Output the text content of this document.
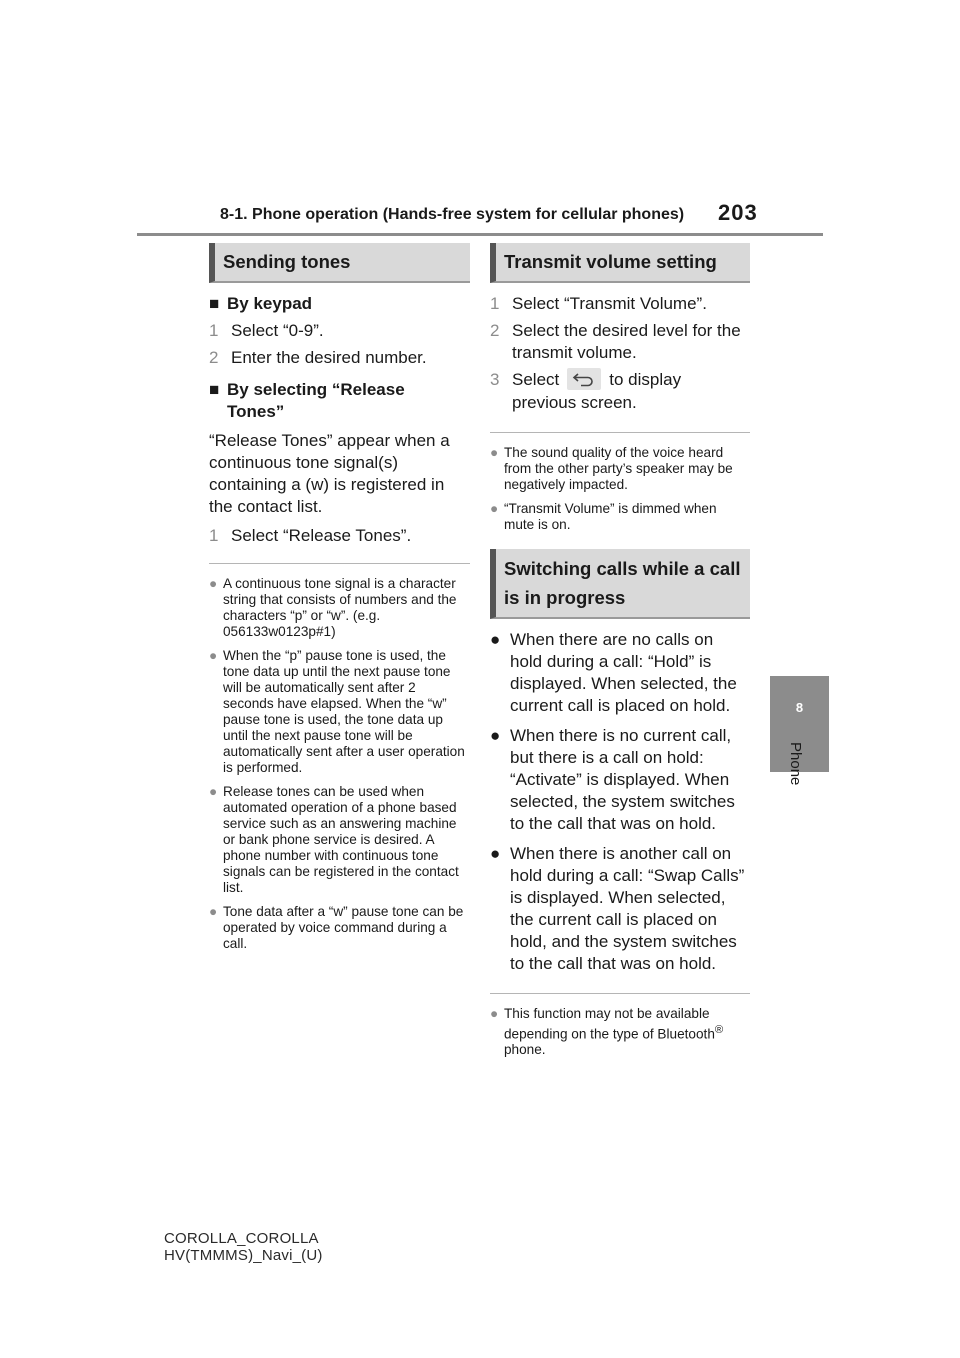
8-1. Phone operation (Hands-free system for cellular phones) 203
8
Phone
Sending tones
■ By keypad
1 Select “0-9”.
2 Enter the desired number.
■ By selecting “Release
Tones”
“Release Tones” appear when a continuous tone signal(s) containing a (w) is registered in the contact list.
1 Select “Release Tones”.
● A continuous tone signal is a character string that consists of numbers and the characters “p” or “w”. (e.g. 056133w0123p#1)
● When the “p” pause tone is used, the tone data up until the next pause tone will be automatically sent after 2 seconds have elapsed. When the “w” pause tone is used, the tone data up until the next pause tone will be automatically sent after a user operation is performed.
● Release tones can be used when automated operation of a phone based service such as an answering machine or bank phone service is desired. A phone number with continuous tone signals can be registered in the contact list.
● Tone data after a “w” pause tone can be operated by voice command during a call.
Transmit volume setting
1 Select “Transmit Volume”.
2 Select the desired level for the transmit volume.
3 Select	to display previous screen.
● The sound quality of the voice heard from the other party’s speaker may be negatively impacted.
● “Transmit Volume” is dimmed when mute is on.
Switching calls while a call is in progress
● When there are no calls on hold during a call: “Hold” is displayed. When selected, the current call is placed on hold.
● When there is no current call, but there is a call on hold: “Activate” is displayed. When selected, the system switches to the call that was on hold.
● When there is another call on hold during a call: “Swap Calls” is displayed. When selected, the current call is placed on hold, and the system switches to the call that was on hold.
● This function may not be available depending on the type of Bluetooth® phone.
COROLLA_COROLLA
HV(TMMMS)_Navi_(U)
